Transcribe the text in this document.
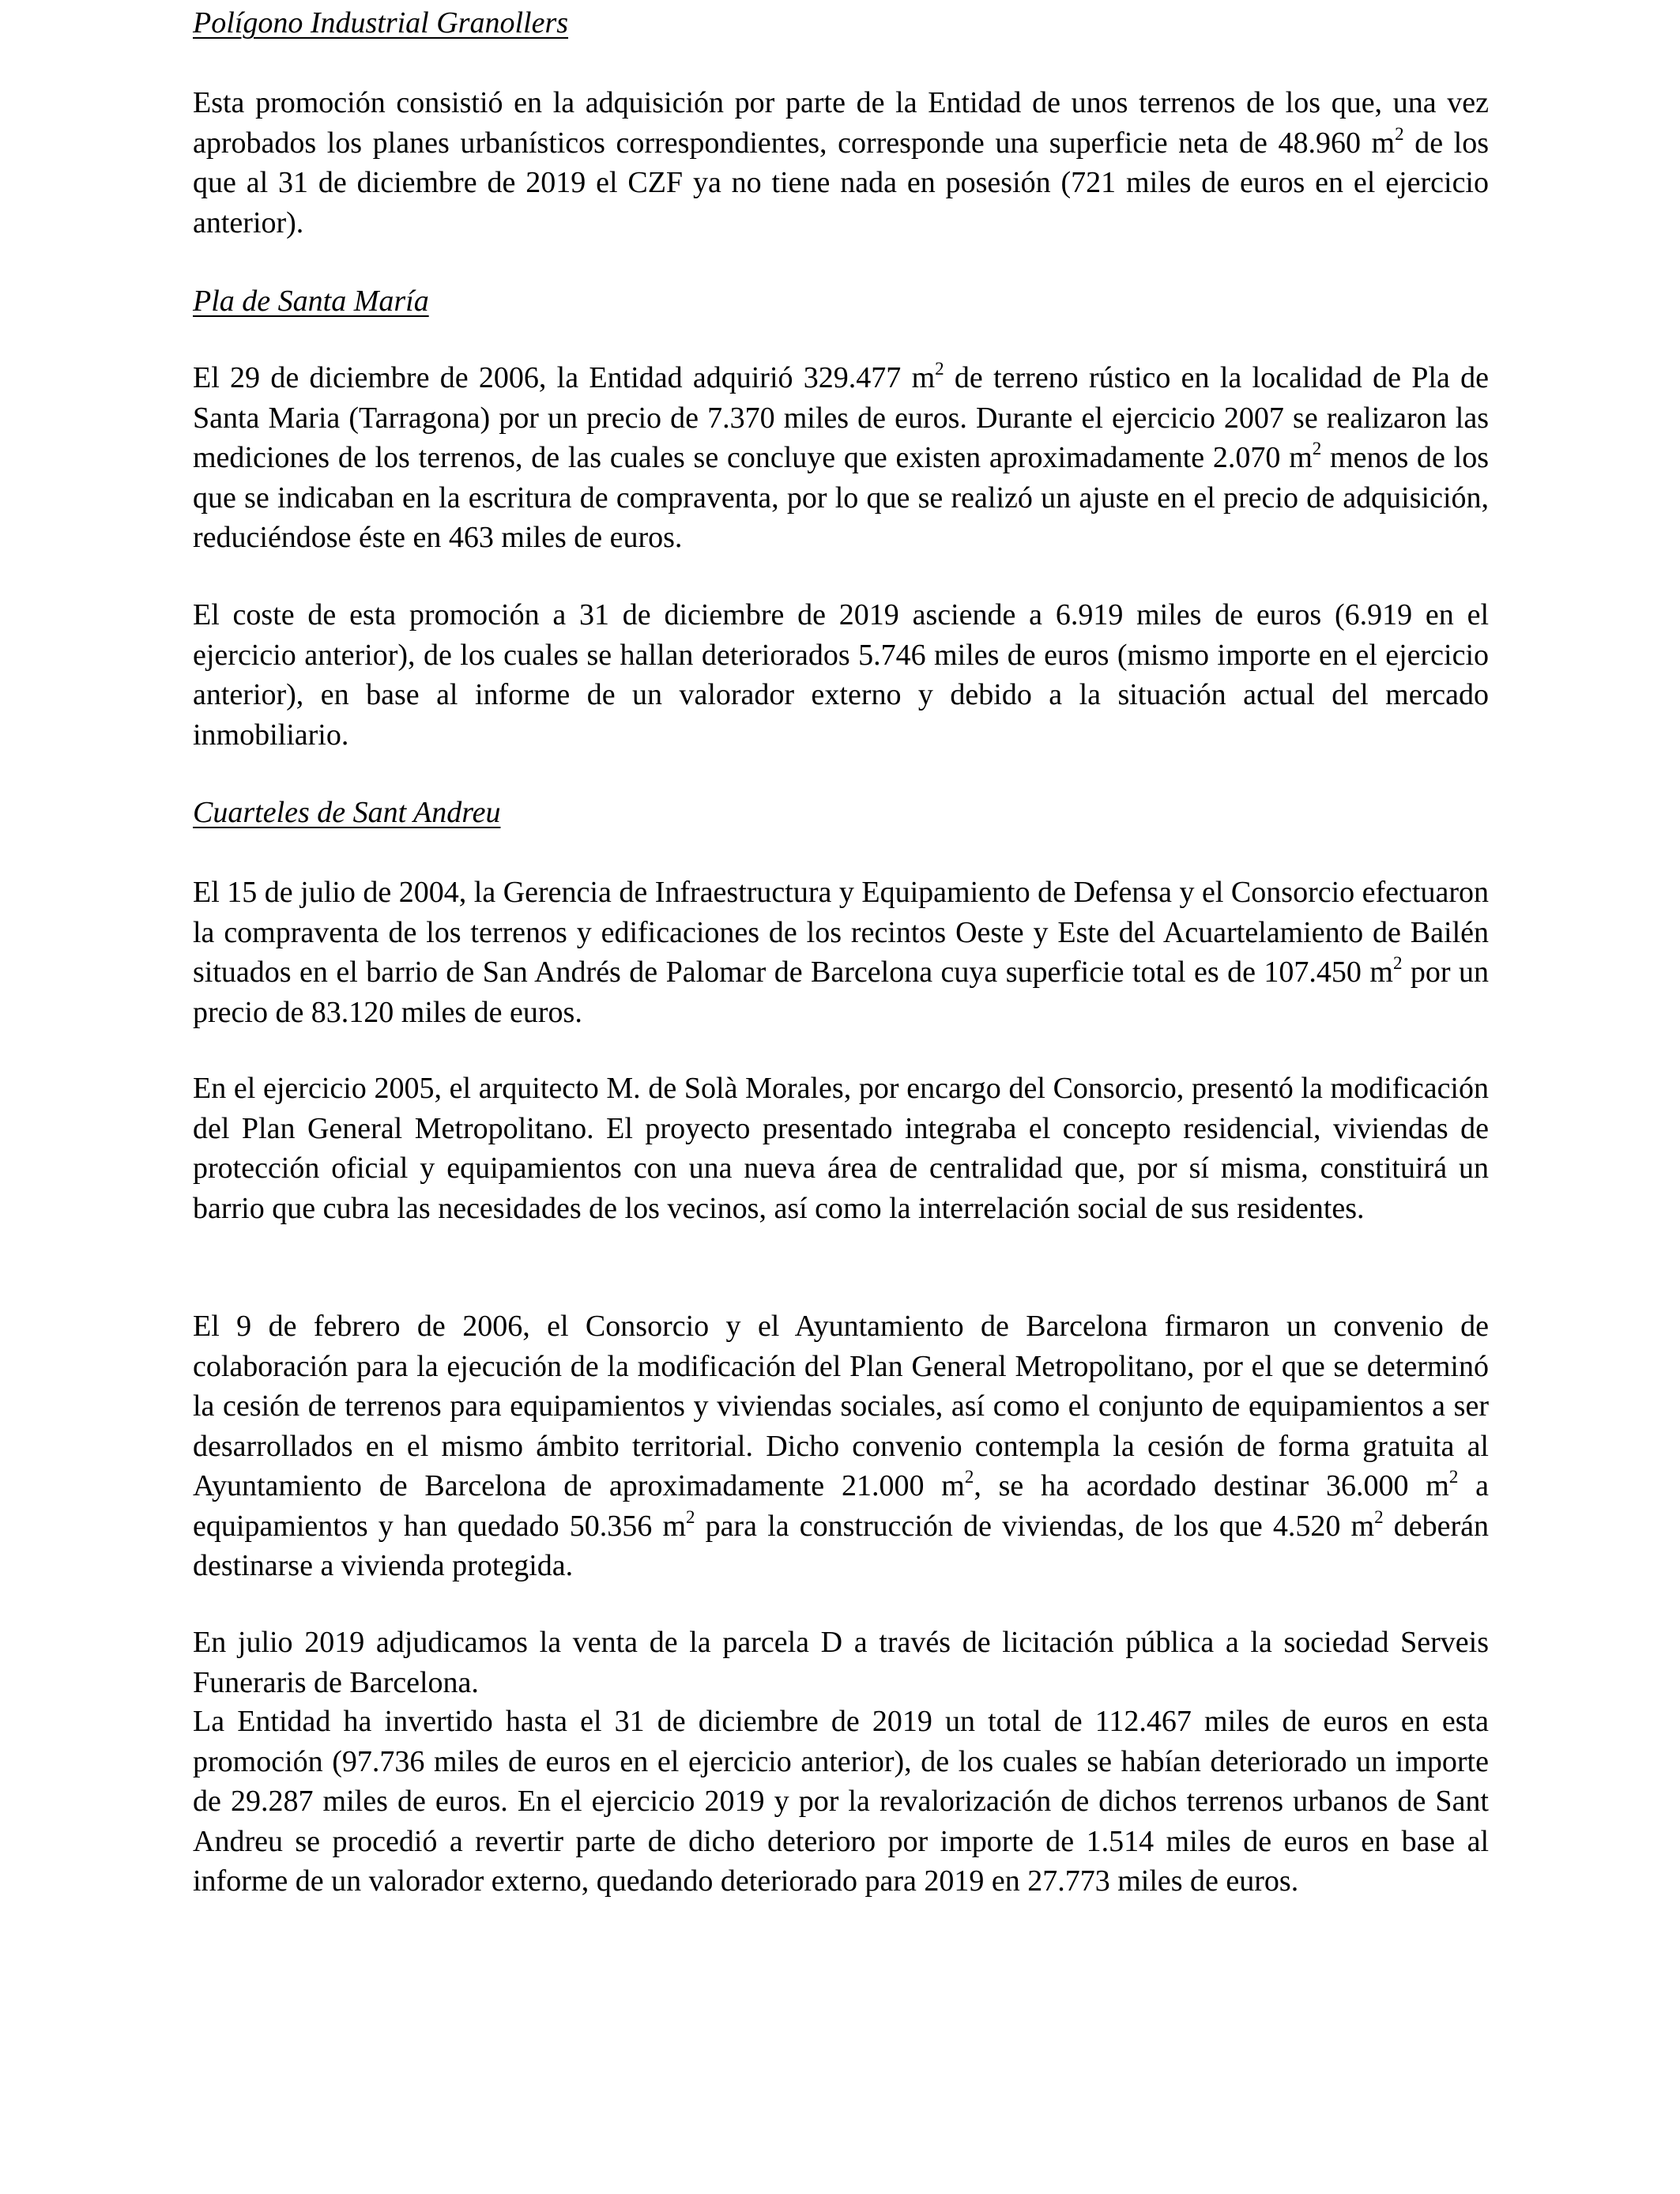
Polígono Industrial Granollers

Esta promoción consistió en la adquisición por parte de la Entidad de unos terrenos de los que, una vez aprobados los planes urbanísticos correspondientes, corresponde una superficie neta de 48.960 $m^2$ de los que al 31 de diciembre de 2019 el CZF ya no tiene nada en posesión (721 miles de euros en el ejercicio anterior).

Pla de Santa María

El 29 de diciembre de 2006, la Entidad adquirió 329.477 $m^2$ de terreno rústico en la localidad de Pla de Santa Maria (Tarragona) por un precio de 7.370 miles de euros. Durante el ejercicio 2007 se realizaron las mediciones de los terrenos, de las cuales se concluye que existen aproximadamente 2.070 $m^2$ menos de los que se indicaban en la escritura de compraventa, por lo que se realizó un ajuste en el precio de adquisición, reduciéndose éste en 463 miles de euros.

El coste de esta promoción a 31 de diciembre de 2019 asciende a 6.919 miles de euros (6.919 en el ejercicio anterior), de los cuales se hallan deteriorados 5.746 miles de euros (mismo importe en el ejercicio anterior), en base al informe de un valorador externo y debido a la situación actual del mercado inmobiliario.

Cuarteles de Sant Andreu

El 15 de julio de 2004, la Gerencia de Infraestructura y Equipamiento de Defensa y el Consorcio efectuaron la compraventa de los terrenos y edificaciones de los recintos Oeste y Este del Acuartelamiento de Bailén situados en el barrio de San Andrés de Palomar de Barcelona cuya superficie total es de 107.450 $m^2$ por un precio de 83.120 miles de euros.

En el ejercicio 2005, el arquitecto M. de Solà Morales, por encargo del Consorcio, presentó la modificación del Plan General Metropolitano. El proyecto presentado integraba el concepto residencial, viviendas de protección oficial y equipamientos con una nueva área de centralidad que, por sí misma, constituirá un barrio que cubra las necesidades de los vecinos, así como la interrelación social de sus residentes.

El 9 de febrero de 2006, el Consorcio y el Ayuntamiento de Barcelona firmaron un convenio de colaboración para la ejecución de la modificación del Plan General Metropolitano, por el que se determinó la cesión de terrenos para equipamientos y viviendas sociales, así como el conjunto de equipamientos a ser desarrollados en el mismo ámbito territorial. Dicho convenio contempla la cesión de forma gratuita al Ayuntamiento de Barcelona de aproximadamente 21.000 $m^2$, se ha acordado destinar 36.000 $m^2$ a equipamientos y han quedado 50.356 $m^2$ para la construcción de viviendas, de los que 4.520 $m^2$ deberán destinarse a vivienda protegida.

En julio 2019 adjudicamos la venta de la parcela D a través de licitación pública a la sociedad Serveis Funeraris de Barcelona.

La Entidad ha invertido hasta el 31 de diciembre de 2019 un total de 112.467 miles de euros en esta promoción (97.736 miles de euros en el ejercicio anterior), de los cuales se habían deteriorado un importe de 29.287 miles de euros. En el ejercicio 2019 y por la revalorización de dichos terrenos urbanos de Sant Andreu se procedió a revertir parte de dicho deterioro por importe de 1.514 miles de euros en base al informe de un valorador externo, quedando deteriorado para 2019 en 27.773 miles de euros.
